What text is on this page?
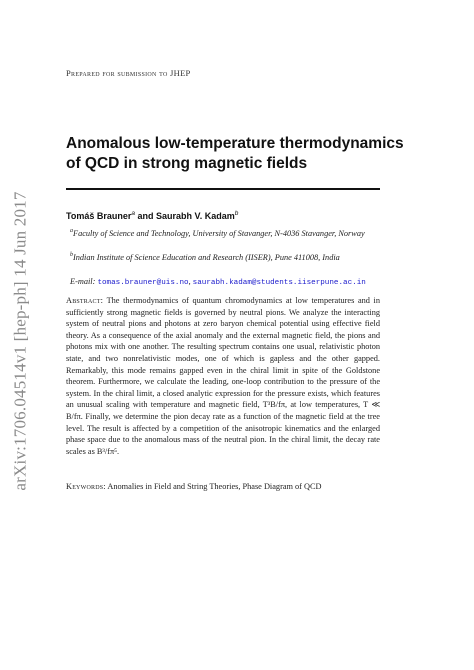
arXiv:1706.04514v1 [hep-ph] 14 Jun 2017
Prepared for submission to JHEP
Anomalous low-temperature thermodynamics of QCD in strong magnetic fields
Tomáš Brauner$^a$ and Saurabh V. Kadam$^b$
$^a$Faculty of Science and Technology, University of Stavanger, N-4036 Stavanger, Norway
$^b$Indian Institute of Science Education and Research (IISER), Pune 411008, India
E-mail: tomas.brauner@uis.no, saurabh.kadam@students.iiserpune.ac.in
Abstract: The thermodynamics of quantum chromodynamics at low temperatures and in sufficiently strong magnetic fields is governed by neutral pions. We analyze the interacting system of neutral pions and photons at zero baryon chemical potential using effective field theory. As a consequence of the axial anomaly and the external magnetic field, the pions and photons mix with one another. The resulting spectrum contains one usual, relativistic photon state, and two nonrelativistic modes, one of which is gapless and the other gapped. Remarkably, this mode remains gapped even in the chiral limit in spite of the Goldstone theorem. Furthermore, we calculate the leading, one-loop contribution to the pressure of the system. In the chiral limit, a closed analytic expression for the pressure exists, which features an unusual scaling with temperature and magnetic field, T³B/fπ, at low temperatures, T ≪ B/fπ. Finally, we determine the pion decay rate as a function of the magnetic field at the tree level. The result is affected by a competition of the anisotropic kinematics and the enlarged phase space due to the anomalous mass of the neutral pion. In the chiral limit, the decay rate scales as B³/fπ⁵.
Keywords: Anomalies in Field and String Theories, Phase Diagram of QCD
